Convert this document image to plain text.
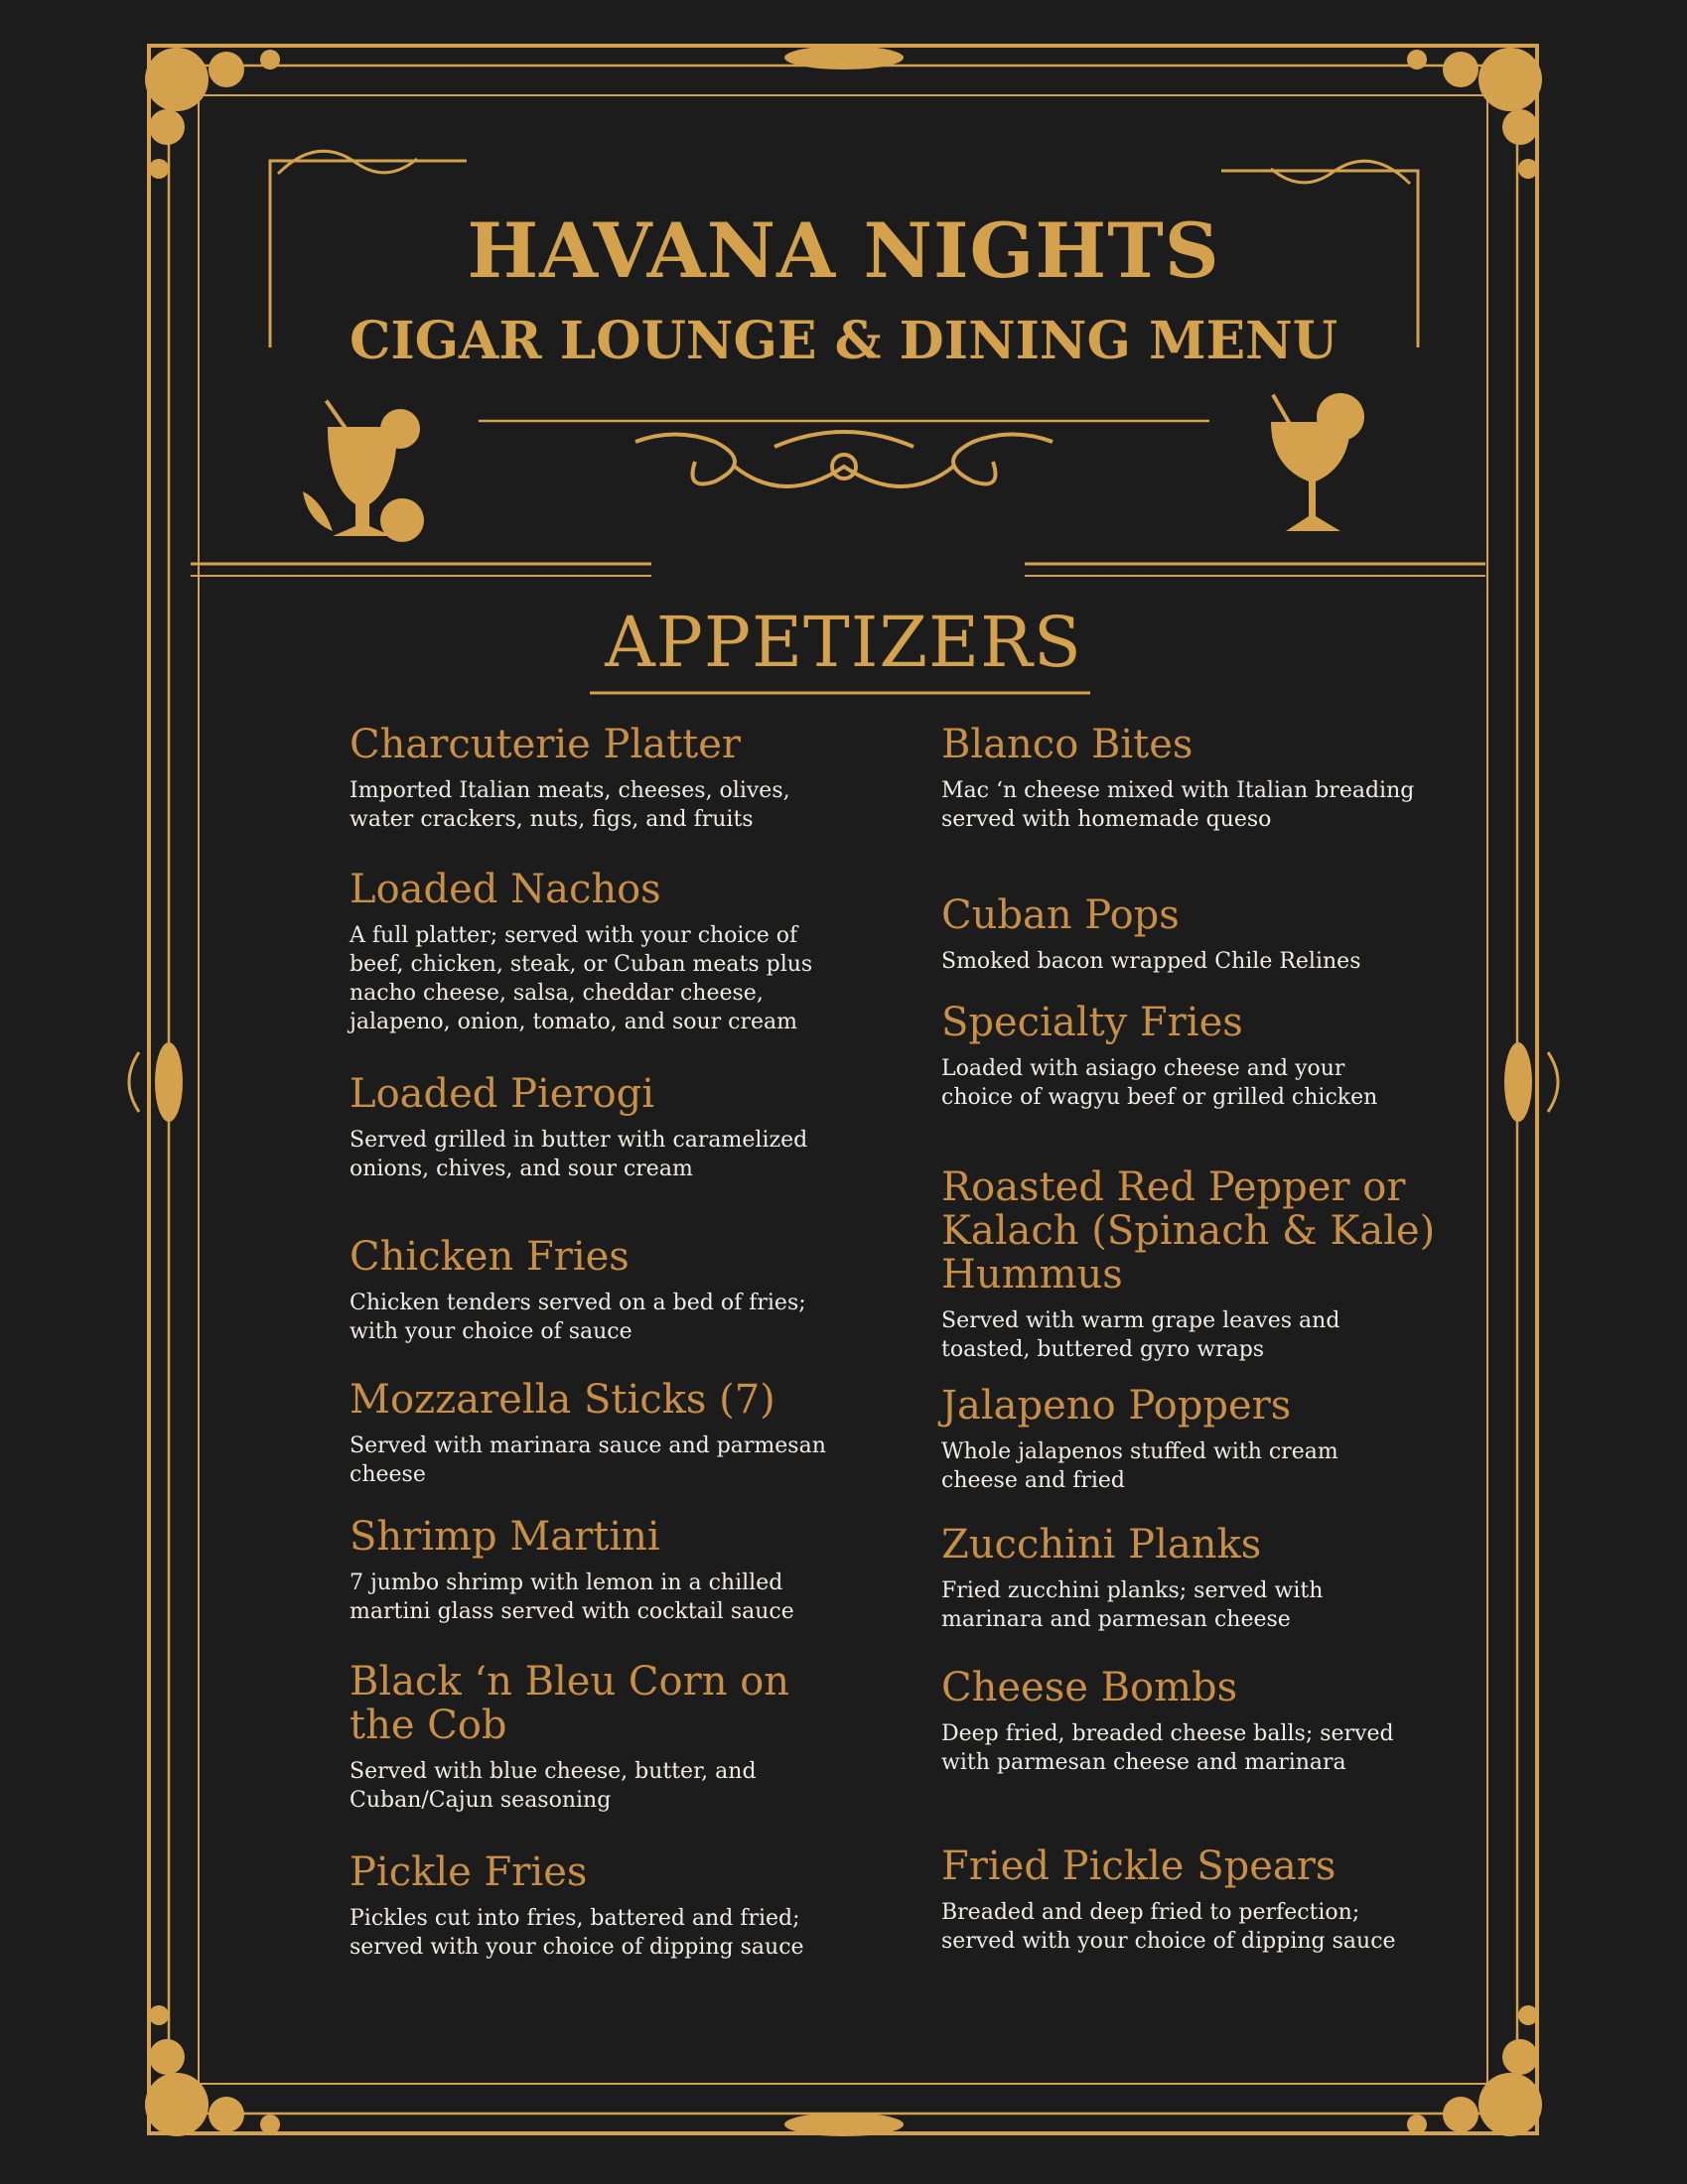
HAVANA NIGHTS
CIGAR LOUNGE & DINING MENU
APPETIZERS

Charcuterie Platter

Imported Italian meats, cheeses, olives, water crackers, nuts, figs, and fruits

Loaded Nachos

A full platter; served with your choice of beef, chicken, steak, or Cuban meats plus nacho cheese, salsa, cheddar cheese, jalapeno, onion, tomato, and sour cream

Loaded Pierogi

Served grilled in butter with caramelized onions, chives, and sour cream

Chicken Fries

Chicken tenders served on a bed of fries; with your choice of sauce

Mozzarella Sticks (7)

Served with marinara sauce and parmesan cheese

Shrimp Martini

7 jumbo shrimp with lemon in a chilled martini glass served with cocktail sauce

Black ‘n Bleu Corn on the Cob

Served with blue cheese, butter, and Cuban/Cajun seasoning

Pickle Fries

Pickles cut into fries, battered and fried; served with your choice of dipping sauce

Blanco Bites

Mac ‘n cheese mixed with Italian breading served with homemade queso

Cuban Pops

Smoked bacon wrapped Chile Relines

Specialty Fries

Loaded with asiago cheese and your choice of wagyu beef or grilled chicken

Roasted Red Pepper or Kalach (Spinach & Kale) Hummus

Served with warm grape leaves and toasted, buttered gyro wraps

Jalapeno Poppers

Whole jalapenos stuffed with cream cheese and fried

Zucchini Planks

Fried zucchini planks; served with marinara and parmesan cheese

Cheese Bombs

Deep fried, breaded cheese balls; served with parmesan cheese and marinara

Fried Pickle Spears

Breaded and deep fried to perfection; served with your choice of dipping sauce
